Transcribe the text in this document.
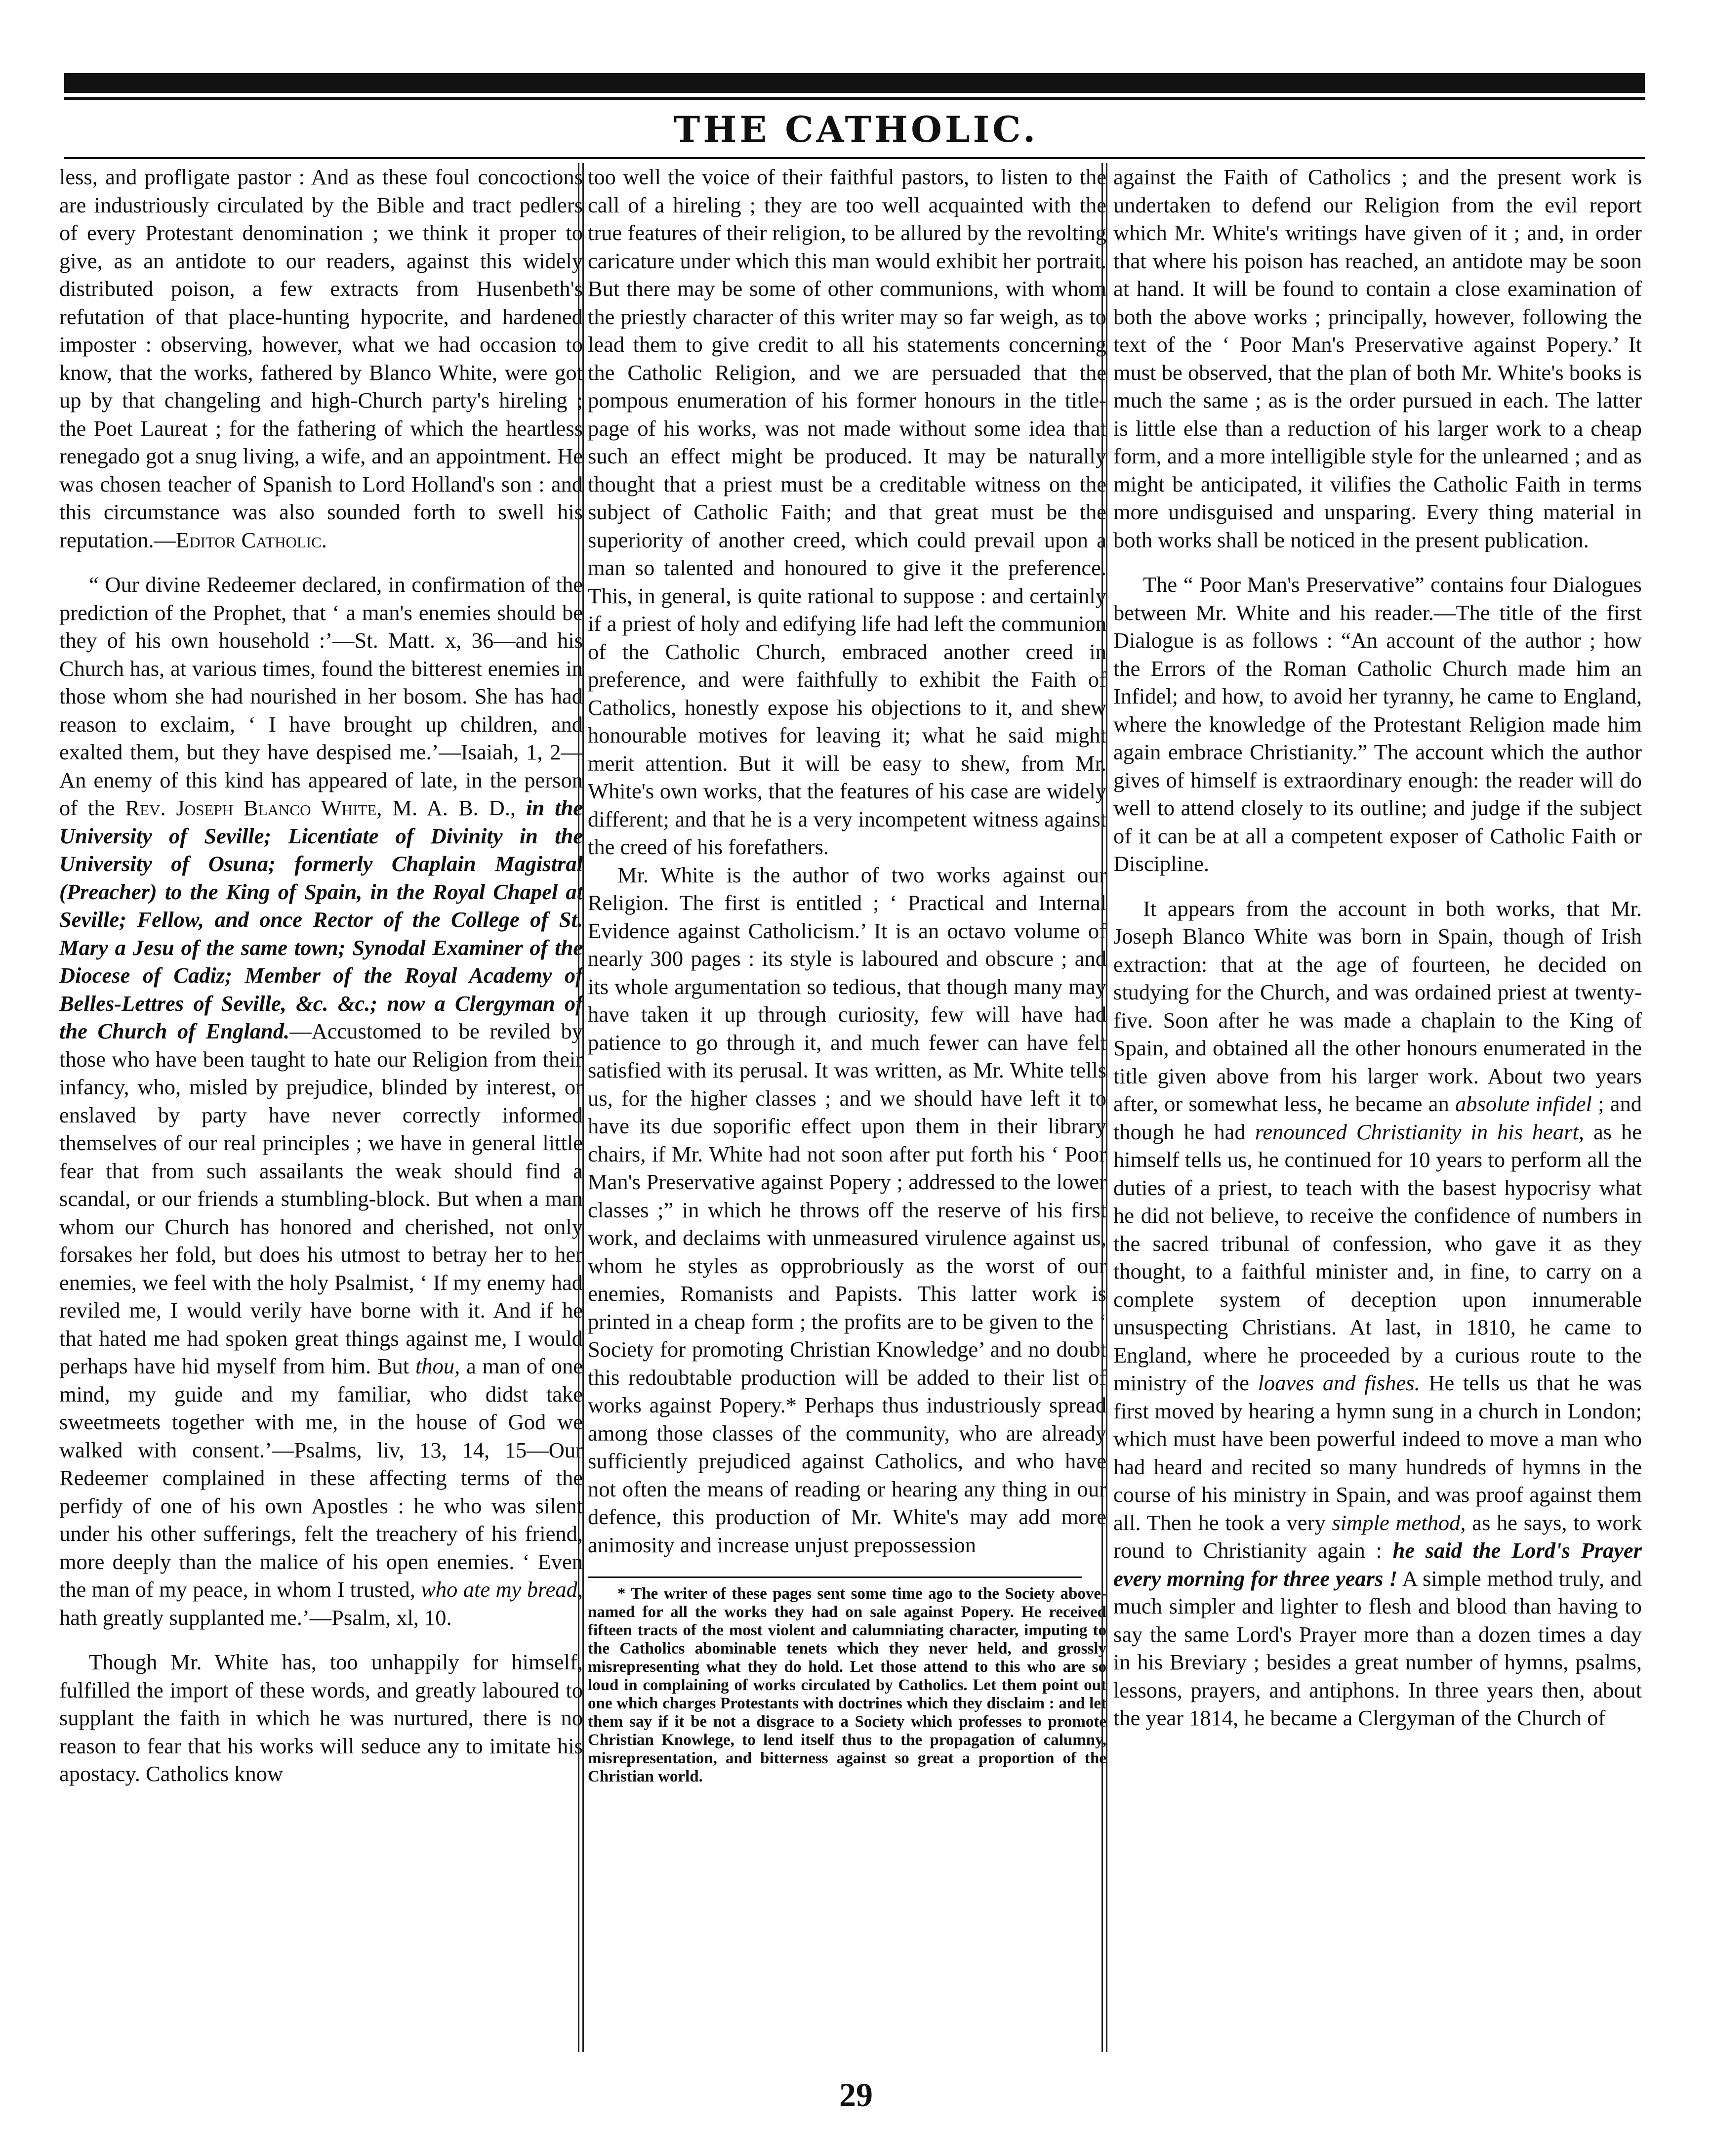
THE CATHOLIC.

less, and profligate pastor : And as these foul concoctions are industriously circulated by the Bible and tract pedlers of every Protestant denomination ; we think it proper to give, as an antidote to our readers, against this widely distributed poison, a few extracts from Husenbeth's refutation of that place-hunting hypocrite, and hardened imposter : observing, however, what we had occasion to know, that the works, fathered by Blanco White, were got up by that changeling and high-Church party's hireling ; the Poet Laureat ; for the fathering of which the heartless renegado got a snug living, a wife, and an appointment. He was chosen teacher of Spanish to Lord Holland's son : and this circumstance was also sounded forth to swell his reputation.—Editor Catholic.

“ Our divine Redeemer declared, in confirmation of the prediction of the Prophet, that ‘ a man's enemies should be they of his own household :’—St. Matt. x, 36—and his Church has, at various times, found the bitterest enemies in those whom she had nourished in her bosom. She has had reason to exclaim, ‘ I have brought up children, and exalted them, but they have despised me.’—Isaiah, 1, 2—An enemy of this kind has appeared of late, in the person of the Rev. Joseph Blanco White, M. A. B. D., in the University of Seville; Licentiate of Divinity in the University of Osuna; formerly Chaplain Magistral (Preacher) to the King of Spain, in the Royal Chapel at Seville; Fellow, and once Rector of the College of St. Mary a Jesu of the same town; Synodal Examiner of the Diocese of Cadiz; Member of the Royal Academy of Belles-Lettres of Seville, &c. &c.; now a Clergyman of the Church of England.—Accustomed to be reviled by those who have been taught to hate our Religion from their infancy, who, misled by prejudice, blinded by interest, or enslaved by party have never correctly informed themselves of our real principles ; we have in general little fear that from such assailants the weak should find a scandal, or our friends a stumbling-block. But when a man whom our Church has honored and cherished, not only forsakes her fold, but does his utmost to betray her to her enemies, we feel with the holy Psalmist, ‘ If my enemy had reviled me, I would verily have borne with it. And if he that hated me had spoken great things against me, I would perhaps have hid myself from him. But thou, a man of one mind, my guide and my familiar, who didst take sweetmeets together with me, in the house of God we walked with consent.’—Psalms, liv, 13, 14, 15—Our Redeemer complained in these affecting terms of the perfidy of one of his own Apostles : he who was silent under his other sufferings, felt the treachery of his friend, more deeply than the malice of his open enemies. ‘ Even the man of my peace, in whom I trusted, who ate my bread, hath greatly supplanted me.’—Psalm, xl, 10.

Though Mr. White has, too unhappily for himself, fulfilled the import of these words, and greatly laboured to supplant the faith in which he was nurtured, there is no reason to fear that his works will seduce any to imitate his apostacy. Catholics know

too well the voice of their faithful pastors, to listen to the call of a hireling ; they are too well acquainted with the true features of their religion, to be allured by the revolting caricature under which this man would exhibit her portrait. But there may be some of other communions, with whom the priestly character of this writer may so far weigh, as to lead them to give credit to all his statements concerning the Catholic Religion, and we are persuaded that the pompous enumeration of his former honours in the title-page of his works, was not made without some idea that such an effect might be produced. It may be naturally thought that a priest must be a creditable witness on the subject of Catholic Faith; and that great must be the superiority of another creed, which could prevail upon a man so talented and honoured to give it the preference. This, in general, is quite rational to suppose : and certainly if a priest of holy and edifying life had left the communion of the Catholic Church, embraced another creed in preference, and were faithfully to exhibit the Faith of Catholics, honestly expose his objections to it, and shew honourable motives for leaving it; what he said might merit attention. But it will be easy to shew, from Mr. White's own works, that the features of his case are widely different; and that he is a very incompetent witness against the creed of his forefathers.

Mr. White is the author of two works against our Religion. The first is entitled ; ‘ Practical and Internal Evidence against Catholicism.’ It is an octavo volume of nearly 300 pages : its style is laboured and obscure ; and its whole argumentation so tedious, that though many may have taken it up through curiosity, few will have had patience to go through it, and much fewer can have felt satisfied with its perusal. It was written, as Mr. White tells us, for the higher classes ; and we should have left it to have its due soporific effect upon them in their library chairs, if Mr. White had not soon after put forth his ‘ Poor Man's Preservative against Popery ; addressed to the lower classes ;” in which he throws off the reserve of his first work, and declaims with unmeasured virulence against us, whom he styles as opprobriously as the worst of our enemies, Romanists and Papists. This latter work is printed in a cheap form ; the profits are to be given to the ‘ Society for promoting Christian Knowledge’ and no doubt this redoubtable production will be added to their list of works against Popery.* Perhaps thus industriously spread among those classes of the community, who are already sufficiently prejudiced against Catholics, and who have not often the means of reading or hearing any thing in our defence, this production of Mr. White's may add more animosity and increase unjust prepossession

* The writer of these pages sent some time ago to the Society above-named for all the works they had on sale against Popery. He received fifteen tracts of the most violent and calumniating character, imputing to the Catholics abominable tenets which they never held, and grossly misrepresenting what they do hold. Let those attend to this who are so loud in complaining of works circulated by Catholics. Let them point out one which charges Protestants with doctrines which they disclaim : and let them say if it be not a disgrace to a Society which professes to promote Christian Knowlege, to lend itself thus to the propagation of calumny, misrepresentation, and bitterness against so great a proportion of the Christian world.

against the Faith of Catholics ; and the present work is undertaken to defend our Religion from the evil report which Mr. White's writings have given of it ; and, in order that where his poison has reached, an antidote may be soon at hand. It will be found to contain a close examination of both the above works ; principally, however, following the text of the ‘ Poor Man's Preservative against Popery.’ It must be observed, that the plan of both Mr. White's books is much the same ; as is the order pursued in each. The latter is little else than a reduction of his larger work to a cheap form, and a more intelligible style for the unlearned ; and as might be anticipated, it vilifies the Catholic Faith in terms more undisguised and unsparing. Every thing material in both works shall be noticed in the present publication.

The “ Poor Man's Preservative” contains four Dialogues between Mr. White and his reader.—The title of the first Dialogue is as follows : “An account of the author ; how the Errors of the Roman Catholic Church made him an Infidel; and how, to avoid her tyranny, he came to England, where the knowledge of the Protestant Religion made him again embrace Christianity.” The account which the author gives of himself is extraordinary enough: the reader will do well to attend closely to its outline; and judge if the subject of it can be at all a competent exposer of Catholic Faith or Discipline.

It appears from the account in both works, that Mr. Joseph Blanco White was born in Spain, though of Irish extraction: that at the age of fourteen, he decided on studying for the Church, and was ordained priest at twenty-five. Soon after he was made a chaplain to the King of Spain, and obtained all the other honours enumerated in the title given above from his larger work. About two years after, or somewhat less, he became an absolute infidel ; and though he had renounced Christianity in his heart, as he himself tells us, he continued for 10 years to perform all the duties of a priest, to teach with the basest hypocrisy what he did not believe, to receive the confidence of numbers in the sacred tribunal of confession, who gave it as they thought, to a faithful minister and, in fine, to carry on a complete system of deception upon innumerable unsuspecting Christians. At last, in 1810, he came to England, where he proceeded by a curious route to the ministry of the loaves and fishes. He tells us that he was first moved by hearing a hymn sung in a church in London; which must have been powerful indeed to move a man who had heard and recited so many hundreds of hymns in the course of his ministry in Spain, and was proof against them all. Then he took a very simple method, as he says, to work round to Christianity again : he said the Lord's Prayer every morning for three years ! A simple method truly, and much simpler and lighter to flesh and blood than having to say the same Lord's Prayer more than a dozen times a day in his Breviary ; besides a great number of hymns, psalms, lessons, prayers, and antiphons. In three years then, about the year 1814, he became a Clergyman of the Church of

29
